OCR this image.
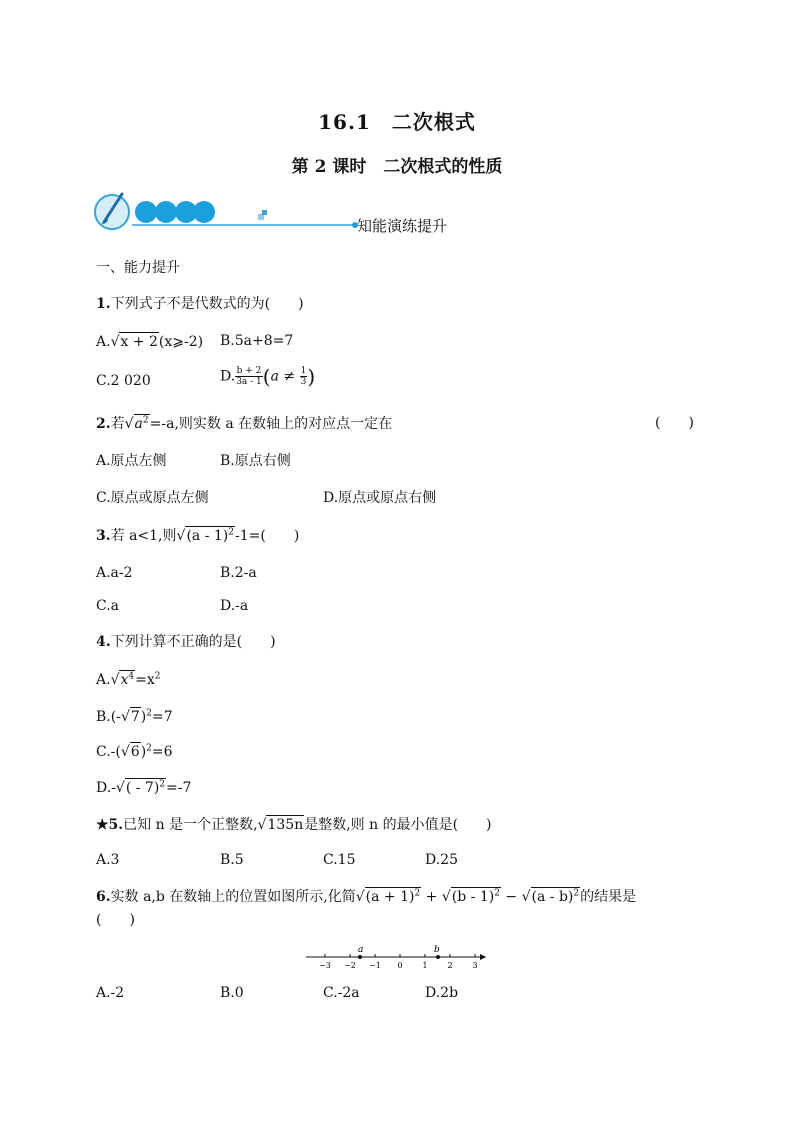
16.1　二次根式
第 2 课时　二次根式的性质
知能演练提升
一、能力提升
1.下列式子不是代数式的为(　　)
A.√x + 2(x⩾-2) B.5a+8=7
C.2 020	D. $\frac{b + 2}{3a - 1} (a \ne \frac{1}{3}$ )
2.若$√a^2=-a$,则实数 a 在数轴上的对应点一定在	(　　)
A.原点左侧	B.原点右侧
C.原点或原点左侧	D.原点或原点右侧
3.若 a<1,则√(a - 1)$^2$-1=(　　)
A.a-2	B.2-a
C.a	D.-a
4.下列计算不正确的是(　　)
$A.√x^4=x^2$
$B.(-√7)^2=7$
$C.-(√6)^2=6$
D.-√( - 7)$^2$=-7
★5.已知 n 是一个正整数,√135n是整数,则 n 的最小值是(　　)
A.3	B.5	C.15	D.25
6.实数 a,b 在数轴上的位置如图所示,化简$√(a + 1)^2 + √(b - 1)^2 - √(a - b)^2$的结果是
(　　)
−3 −2 −1 0 1 2 3
a	b
A.-2	B.0	C.-2a	D.2b
